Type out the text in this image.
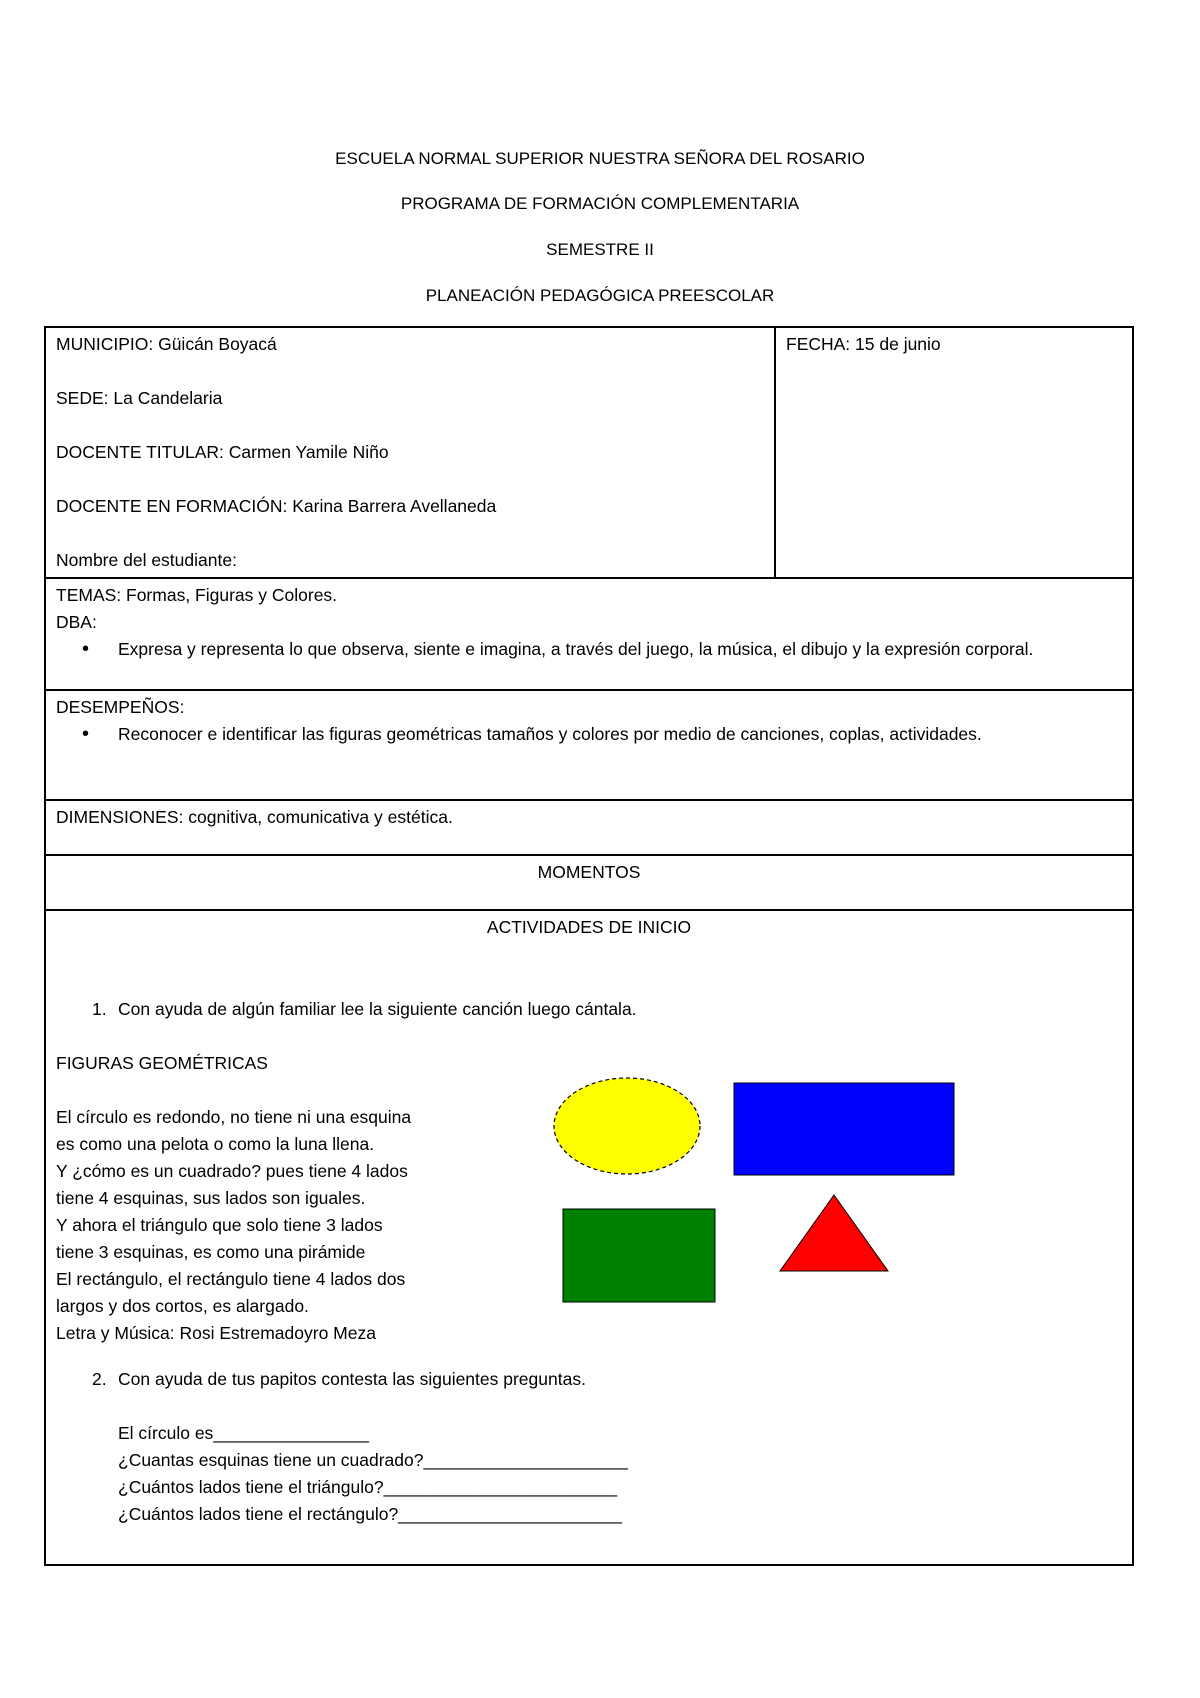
ESCUELA NORMAL SUPERIOR NUESTRA SEÑORA DEL ROSARIO
PROGRAMA DE FORMACIÓN COMPLEMENTARIA
SEMESTRE II
PLANEACIÓN PEDAGÓGICA PREESCOLAR
MUNICIPIO: Güicán Boyacá
SEDE: La Candelaria
DOCENTE TITULAR: Carmen Yamile Niño
DOCENTE EN FORMACIÓN: Karina Barrera Avellaneda
Nombre del estudiante:

FECHA: 15 de junio

TEMAS: Formas, Figuras y Colores.
DBA:
• Expresa y representa lo que observa, siente e imagina, a través del juego, la música, el dibujo y la expresión corporal.

DESEMPEÑOS:
• Reconocer e identificar las figuras geométricas tamaños y colores por medio de canciones, coplas, actividades.

DIMENSIONES: cognitiva, comunicativa y estética.
MOMENTOS

ACTIVIDADES DE INICIO
1. Con ayuda de algún familiar lee la siguiente canción luego cántala.
FIGURAS GEOMÉTRICAS
El círculo es redondo, no tiene ni una esquina
es como una pelota o como la luna llena.
Y ¿cómo es un cuadrado? pues tiene 4 lados
tiene 4 esquinas, sus lados son iguales.
Y ahora el triángulo que solo tiene 3 lados
tiene 3 esquinas, es como una pirámide
El rectángulo, el rectángulo tiene 4 lados dos
largos y dos cortos, es alargado.
Letra y Música: Rosi Estremadoyro Meza
2. Con ayuda de tus papitos contesta las siguientes preguntas.
El círculo es________________
¿Cuantas esquinas tiene un cuadrado?_____________________
¿Cuántos lados tiene el triángulo?________________________
¿Cuántos lados tiene el rectángulo?_______________________
